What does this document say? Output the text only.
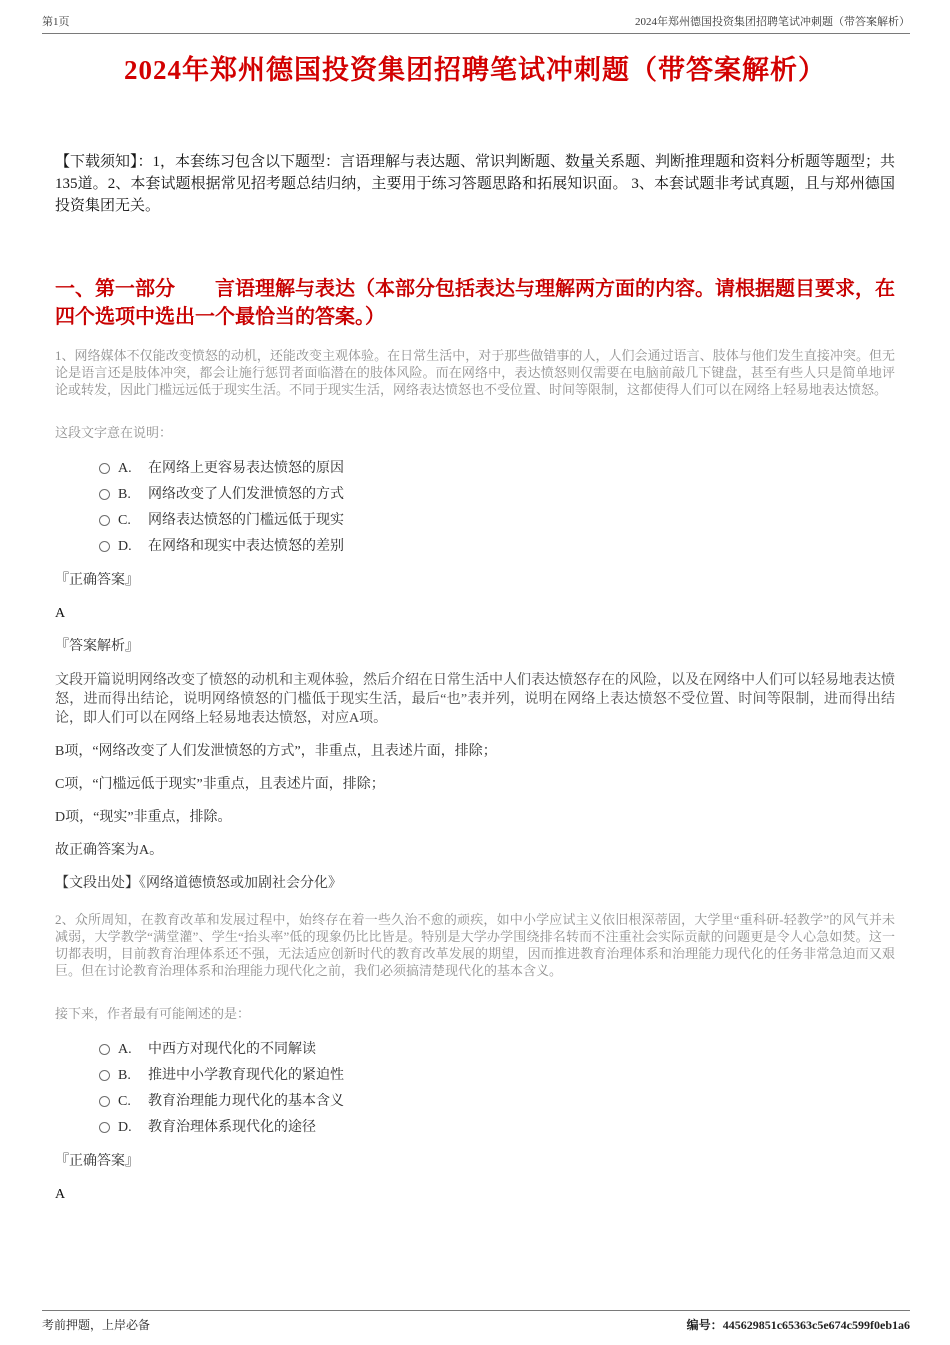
第1页	2024年郑州德国投资集团招聘笔试冲刺题（带答案解析）
2024年郑州德国投资集团招聘笔试冲刺题（带答案解析）

【下载须知】：1，本套练习包含以下题型：言语理解与表达题、常识判断题、数量关系题、判断推理题和资料分析题等题型；共135道。2、本套试题根据常见招考题总结归纳，主要用于练习答题思路和拓展知识面。 3、本套试题非考试真题，且与郑州德国投资集团无关。

一、第一部分　　言语理解与表达（本部分包括表达与理解两方面的内容。请根据题目要求，在四个选项中选出一个最恰当的答案。）

1、网络媒体不仅能改变愤怒的动机，还能改变主观体验。在日常生活中，对于那些做错事的人，人们会通过语言、肢体与他们发生直接冲突。但无论是语言还是肢体冲突，都会让施行惩罚者面临潜在的肢体风险。而在网络中，表达愤怒则仅需要在电脑前敲几下键盘，甚至有些人只是简单地评论或转发，因此门槛远远低于现实生活。不同于现实生活，网络表达愤怒也不受位置、时间等限制，这都使得人们可以在网络上轻易地表达愤怒。

这段文字意在说明：

A.	在网络上更容易表达愤怒的原因
B.	网络改变了人们发泄愤怒的方式
C.	网络表达愤怒的门槛远低于现实
D.	在网络和现实中表达愤怒的差别

『正确答案』

A

『答案解析』

文段开篇说明网络改变了愤怒的动机和主观体验，然后介绍在日常生活中人们表达愤怒存在的风险，以及在网络中人们可以轻易地表达愤怒，进而得出结论，说明网络愤怒的门槛低于现实生活，最后“也”表并列，说明在网络上表达愤怒不受位置、时间等限制，进而得出结论，即人们可以在网络上轻易地表达愤怒，对应A项。

B项，“网络改变了人们发泄愤怒的方式”，非重点，且表述片面，排除；

C项，“门槛远低于现实”非重点，且表述片面，排除；

D项，“现实”非重点，排除。

故正确答案为A。

【文段出处】《网络道德愤怒或加剧社会分化》

2、众所周知，在教育改革和发展过程中，始终存在着一些久治不愈的顽疾，如中小学应试主义依旧根深蒂固，大学里“重科研-轻教学”的风气并未减弱，大学教学“满堂灌”、学生“抬头率”低的现象仍比比皆是。特别是大学办学围绕排名转而不注重社会实际贡献的问题更是令人心急如焚。这一切都表明，目前教育治理体系还不强，无法适应创新时代的教育改革发展的期望，因而推进教育治理体系和治理能力现代化的任务非常急迫而又艰巨。但在讨论教育治理体系和治理能力现代化之前，我们必须搞清楚现代化的基本含义。

接下来，作者最有可能阐述的是：

A.	中西方对现代化的不同解读
B.	推进中小学教育现代化的紧迫性
C.	教育治理能力现代化的基本含义
D.	教育治理体系现代化的途径

『正确答案』

A

考前押题，上岸必备	编号：445629851c65363c5e674c599f0eb1a6
